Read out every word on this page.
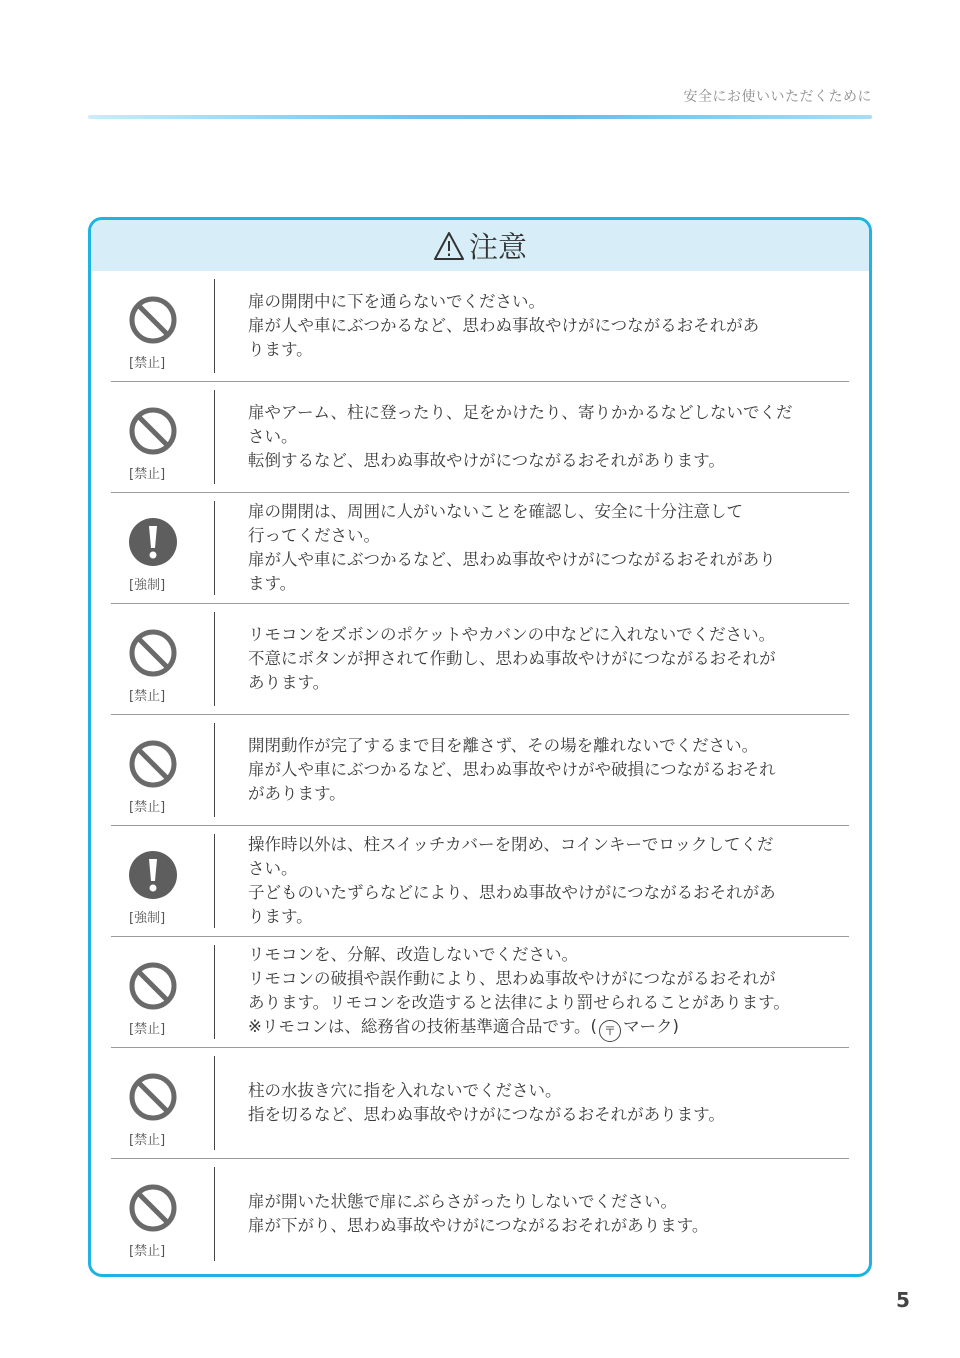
安全にお使いいただくために
注意
[禁止]
扉の開閉中に下を通らないでください。
扉が人や車にぶつかるなど、思わぬ事故やけがにつながるおそれがあ
ります。
[禁止]
扉やアーム、柱に登ったり、足をかけたり、寄りかかるなどしないでくだ
さい。
転倒するなど、思わぬ事故やけがにつながるおそれがあります。
[強制]
扉の開閉は、周囲に人がいないことを確認し、安全に十分注意して
行ってください。
扉が人や車にぶつかるなど、思わぬ事故やけがにつながるおそれがあり
ます。
[禁止]
リモコンをズボンのポケットやカバンの中などに入れないでください。
不意にボタンが押されて作動し、思わぬ事故やけがにつながるおそれが
あります。
[禁止]
開閉動作が完了するまで目を離さず、その場を離れないでください。
扉が人や車にぶつかるなど、思わぬ事故やけがや破損につながるおそれ
があります。
[強制]
操作時以外は、柱スイッチカバーを閉め、コインキーでロックしてくだ
さい。
子どものいたずらなどにより、思わぬ事故やけがにつながるおそれがあ
ります。
[禁止]
リモコンを、分解、改造しないでください。
リモコンの破損や誤作動により、思わぬ事故やけがにつながるおそれが
あります。リモコンを改造すると法律により罰せられることがあります。
※リモコンは、総務省の技術基準適合品です。( 〒 マーク)
[禁止]
柱の水抜き穴に指を入れないでください。
指を切るなど、思わぬ事故やけがにつながるおそれがあります。
[禁止]
扉が開いた状態で扉にぶらさがったりしないでください。
扉が下がり、思わぬ事故やけがにつながるおそれがあります。
5
